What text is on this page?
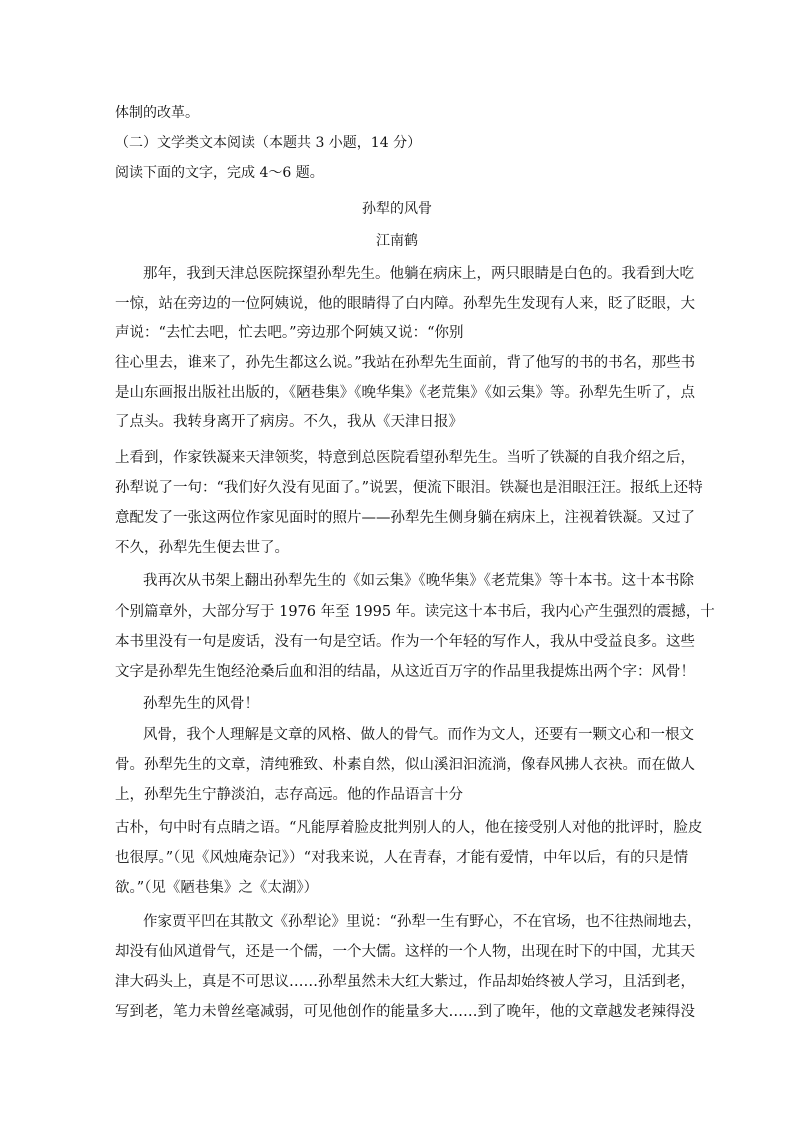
体制的改革。
（二）文学类文本阅读（本题共 3 小题，14 分）
阅读下面的文字，完成 4～6 题。
孙犁的风骨
江南鹤
那年，我到天津总医院探望孙犁先生。他躺在病床上，两只眼睛是白色的。我看到大吃
一惊，站在旁边的一位阿姨说，他的眼睛得了白内障。孙犁先生发现有人来，眨了眨眼，大
声说：“去忙去吧，忙去吧。”旁边那个阿姨又说：“你别
往心里去，谁来了，孙先生都这么说。”我站在孙犁先生面前，背了他写的书的书名，那些书
是山东画报出版社出版的，《陋巷集》《晚华集》《老荒集》《如云集》等。孙犁先生听了，点
了点头。我转身离开了病房。不久，我从《天津日报》
上看到，作家铁凝来天津领奖，特意到总医院看望孙犁先生。当听了铁凝的自我介绍之后，
孙犁说了一句：“我们好久没有见面了。”说罢，便流下眼泪。铁凝也是泪眼汪汪。报纸上还特
意配发了一张这两位作家见面时的照片——孙犁先生侧身躺在病床上，注视着铁凝。又过了
不久，孙犁先生便去世了。
我再次从书架上翻出孙犁先生的《如云集》《晚华集》《老荒集》等十本书。这十本书除
个别篇章外，大部分写于 1976 年至 1995 年。读完这十本书后，我内心产生强烈的震撼，十
本书里没有一句是废话，没有一句是空话。作为一个年轻的写作人，我从中受益良多。这些
文字是孙犁先生饱经沧桑后血和泪的结晶，从这近百万字的作品里我提炼出两个字：风骨！
孙犁先生的风骨！
风骨，我个人理解是文章的风格、做人的骨气。而作为文人，还要有一颗文心和一根文
骨。孙犁先生的文章，清纯雅致、朴素自然，似山溪汩汩流淌，像春风拂人衣袂。而在做人
上，孙犁先生宁静淡泊，志存高远。他的作品语言十分
古朴，句中时有点睛之语。“凡能厚着脸皮批判别人的人，他在接受别人对他的批评时，脸皮
也很厚。”（见《风烛庵杂记》）“对我来说，人在青春，才能有爱情，中年以后，有的只是情
欲。”（见《陋巷集》之《太湖》）
作家贾平凹在其散文《孙犁论》里说：“孙犁一生有野心，不在官场，也不往热闹地去，
却没有仙风道骨气，还是一个儒，一个大儒。这样的一个人物，出现在时下的中国，尤其天
津大码头上，真是不可思议……孙犁虽然未大红大紫过，作品却始终被人学习，且活到老，
写到老，笔力未曾丝毫减弱，可见他创作的能量多大……到了晚年，他的文章越发老辣得没
